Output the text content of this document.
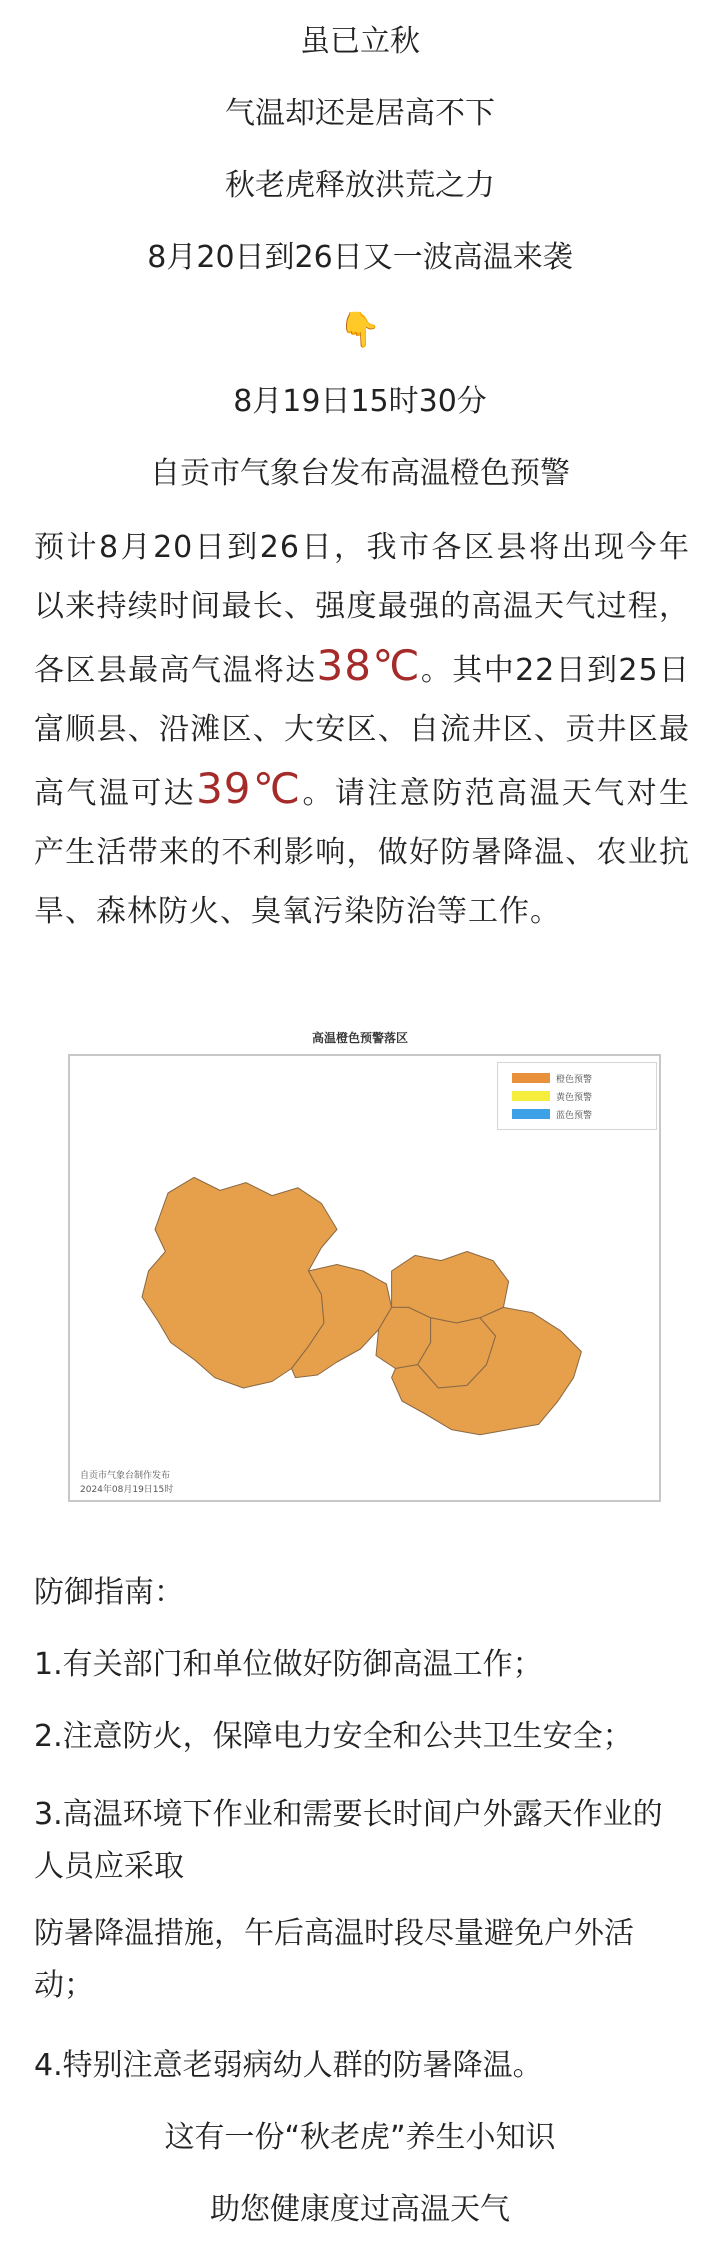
虽已立秋
气温却还是居高不下
秋老虎释放洪荒之力
8月20日到26日又一波高温来袭
👇
8月19日15时30分
自贡市气象台发布高温橙色预警
预计8月20日到26日，我市各区县将出现今年以来持续时间最长、强度最强的高温天气过程，各区县最高气温将达38℃。其中22日到25日富顺县、沿滩区、大安区、自流井区、贡井区最高气温可达39℃。请注意防范高温天气对生产生活带来的不利影响，做好防暑降温、农业抗旱、森林防火、臭氧污染防治等工作。
高温橙色预警落区
橙色预警
黄色预警
蓝色预警
自贡市气象台制作发布
2024年08月19日15时
防御指南：
1.有关部门和单位做好防御高温工作；
2.注意防火，保障电力安全和公共卫生安全；
3.高温环境下作业和需要长时间户外露天作业的人员应采取
防暑降温措施，午后高温时段尽量避免户外活动；
4.特别注意老弱病幼人群的防暑降温。
这有一份“秋老虎”养生小知识
助您健康度过高温天气
